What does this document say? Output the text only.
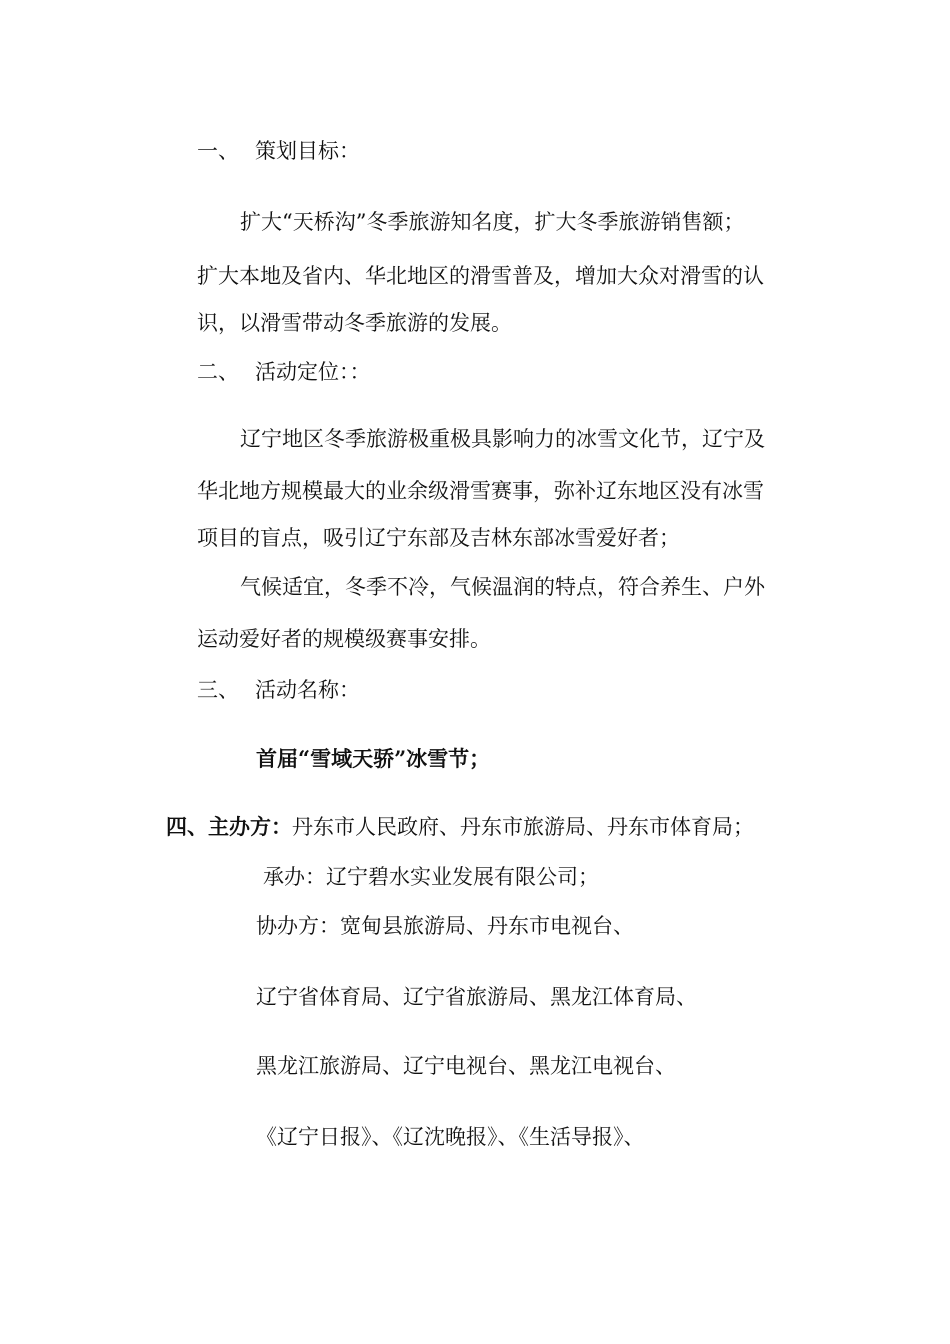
一、 策划目标：
扩大“天桥沟”冬季旅游知名度，扩大冬季旅游销售额；
扩大本地及省内、华北地区的滑雪普及，增加大众对滑雪的认
识，以滑雪带动冬季旅游的发展。
二、 活动定位：：
辽宁地区冬季旅游极重极具影响力的冰雪文化节，辽宁及
华北地方规模最大的业余级滑雪赛事，弥补辽东地区没有冰雪
项目的盲点，吸引辽宁东部及吉林东部冰雪爱好者；
气候适宜，冬季不冷，气候温润的特点，符合养生、户外
运动爱好者的规模级赛事安排。
三、 活动名称：
首届“雪域天骄”冰雪节；
四、主办方：丹东市人民政府、丹东市旅游局、丹东市体育局；
承办：辽宁碧水实业发展有限公司；
协办方：宽甸县旅游局、丹东市电视台、
辽宁省体育局、辽宁省旅游局、黑龙江体育局、
黑龙江旅游局、辽宁电视台、黑龙江电视台、
《辽宁日报》、《辽沈晚报》、《生活导报》、
